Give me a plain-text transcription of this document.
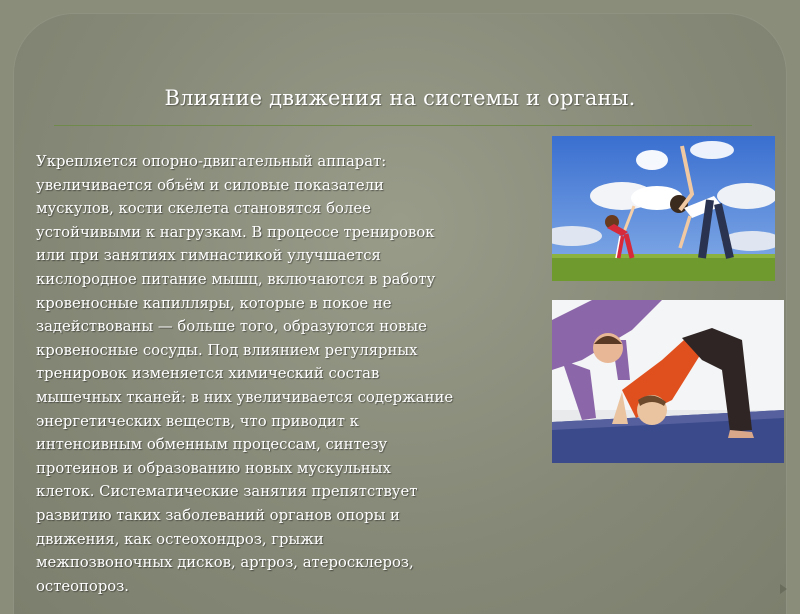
Влияние движения на системы и органы.
Укрепляется опорно-двигательный аппарат:
увеличивается объём и силовые показатели
мускулов, кости скелета становятся более
устойчивыми к нагрузкам. В процессе тренировок
или при занятиях гимнастикой улучшается
кислородное питание мышц, включаются в работу
кровеносные капилляры, которые в покое не
задействованы — больше того, образуются новые
кровеносные сосуды. Под влиянием регулярных
тренировок изменяется химический состав
мышечных тканей: в них увеличивается содержание
энергетических веществ, что приводит к
интенсивным обменным процессам, синтезу
протеинов и образованию новых мускульных
клеток. Систематические занятия препятствует
развитию таких заболеваний органов опоры и
движения, как остеохондроз, грыжи
межпозвоночных дисков, артроз, атеросклероз,
остеопороз.
